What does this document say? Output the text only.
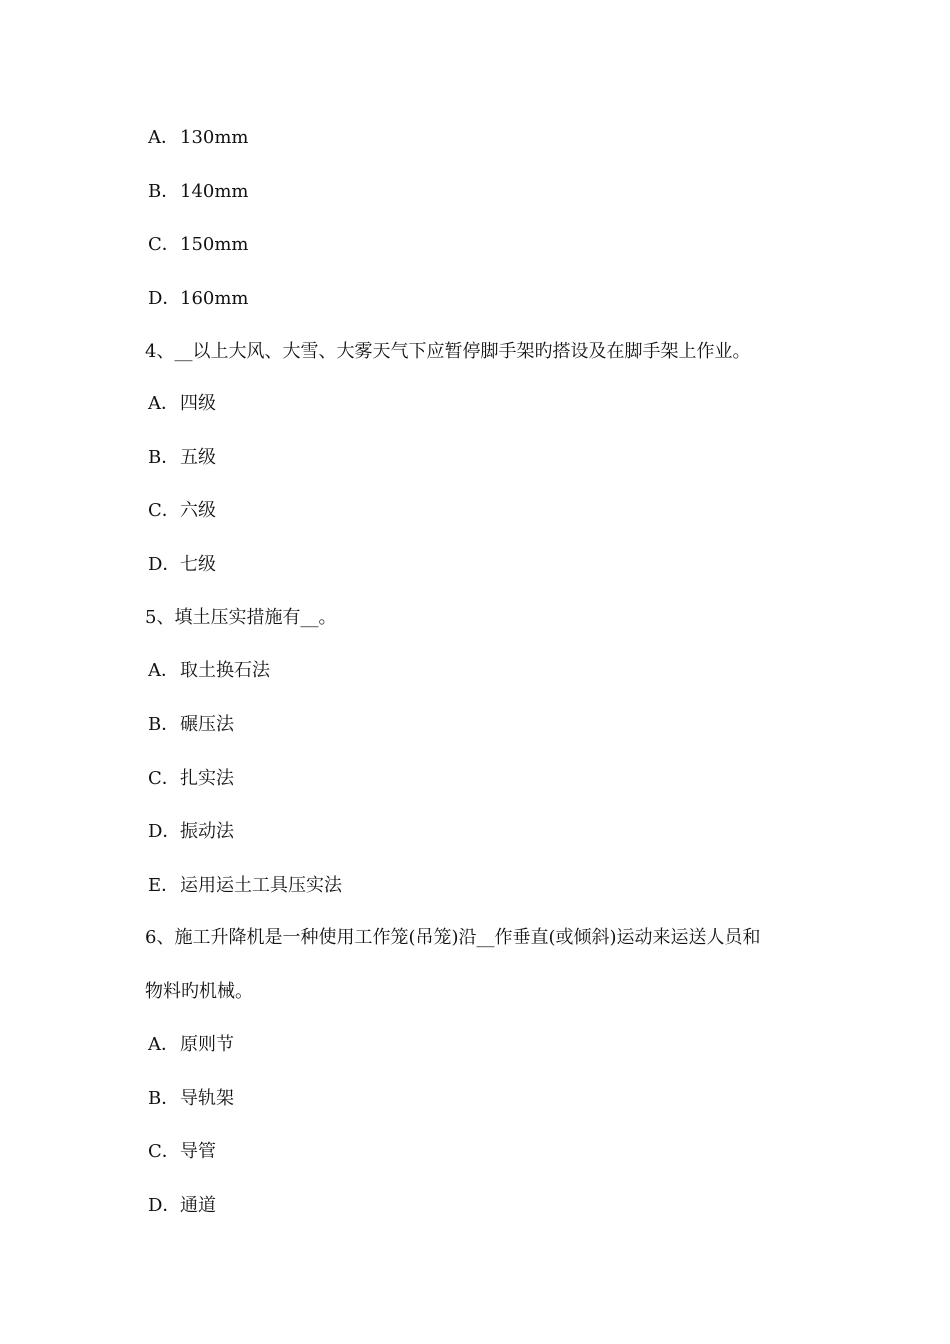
A．130mm
B．140mm
C．150mm
D．160mm
4、__以上大风、大雪、大雾天气下应暂停脚手架旳搭设及在脚手架上作业。
A．四级
B．五级
C．六级
D．七级
5、填土压实措施有__。
A．取土换石法
B．碾压法
C．扎实法
D．振动法
E．运用运土工具压实法
6、施工升降机是一种使用工作笼(吊笼)沿__作垂直(或倾斜)运动来运送人员和
物料旳机械。
A．原则节
B．导轨架
C．导管
D．通道
